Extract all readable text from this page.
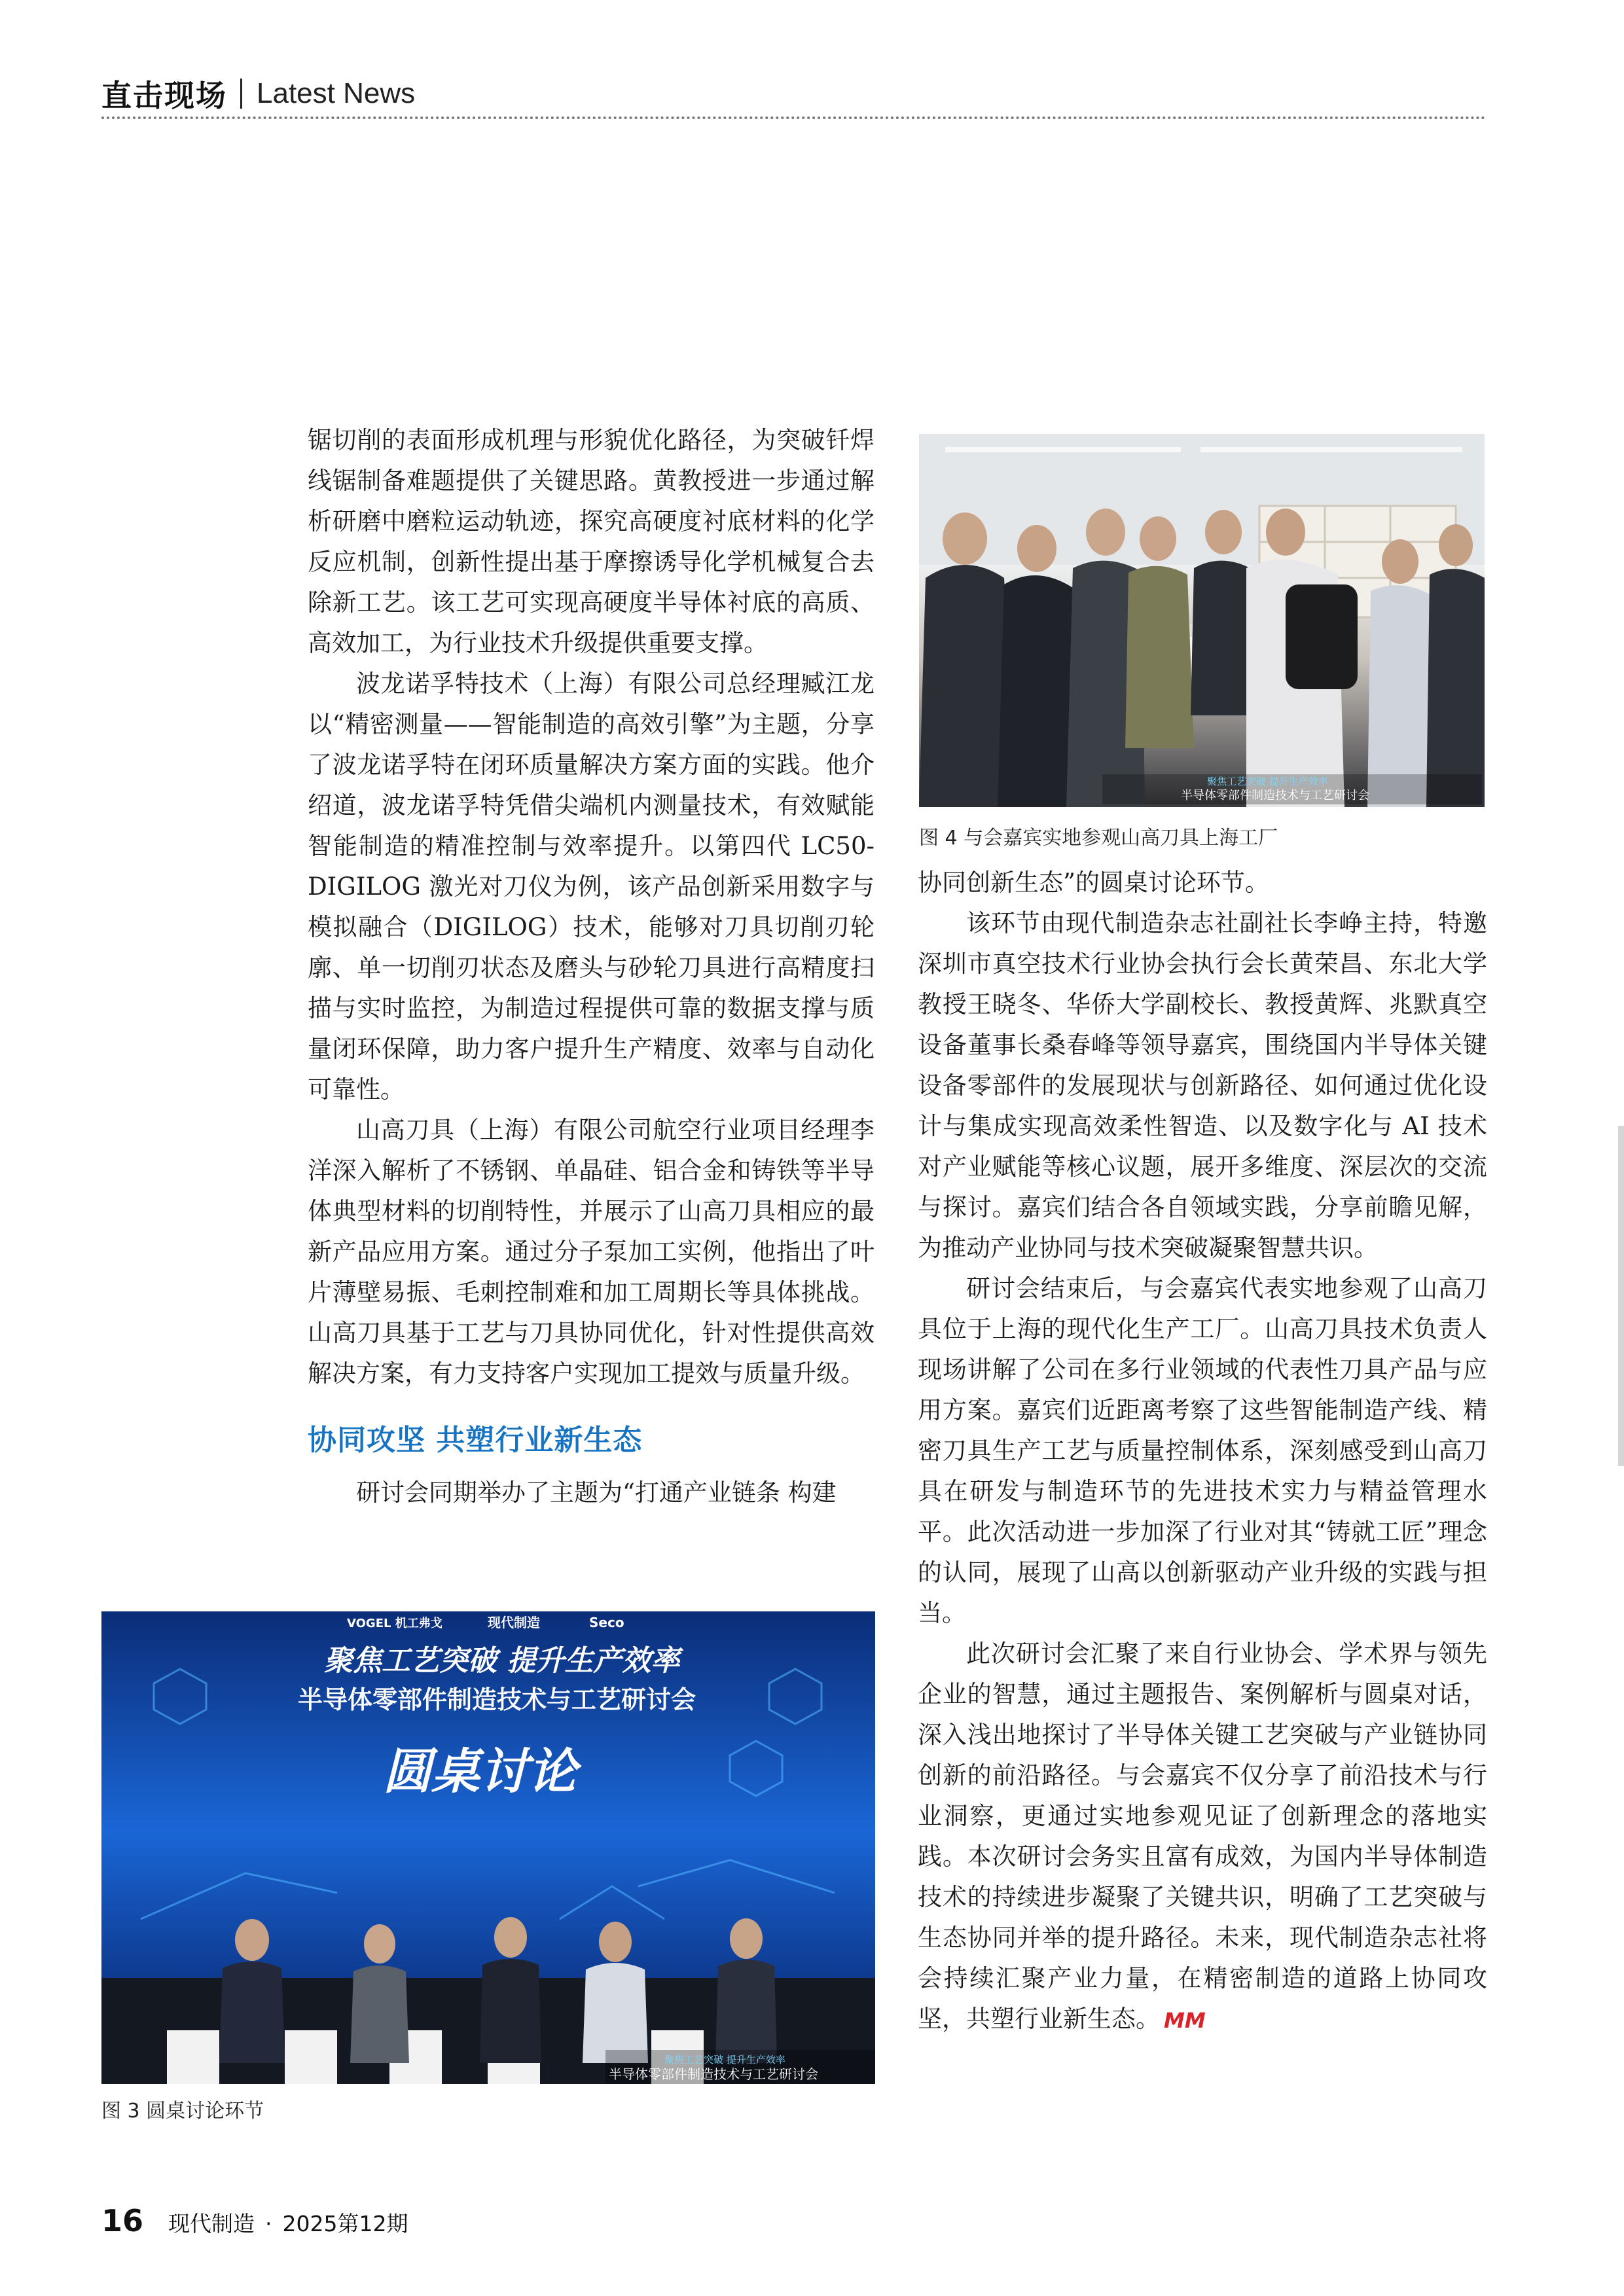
直击现场 Latest News
聚焦工艺突破 提升生产效率
半导体零部件制造技术与工艺研讨会
图 4 与会嘉宾实地参观山高刀具上海工厂

锯切削的表面形成机理与形貌优化路径，为突破钎焊线锯制备难题提供了关键思路。黄教授进一步通过解析研磨中磨粒运动轨迹，探究高硬度衬底材料的化学反应机制，创新性提出基于摩擦诱导化学机械复合去除新工艺。该工艺可实现高硬度半导体衬底的高质、高效加工，为行业技术升级提供重要支撑。

波龙诺孚特技术（上海）有限公司总经理臧江龙以“精密测量——智能制造的高效引擎”为主题，分享了波龙诺孚特在闭环质量解决方案方面的实践。他介绍道，波龙诺孚特凭借尖端机内测量技术，有效赋能智能制造的精准控制与效率提升。以第四代 LC50-DIGILOG 激光对刀仪为例，该产品创新采用数字与模拟融合（DIGILOG）技术，能够对刀具切削刃轮廓、单一切削刃状态及磨头与砂轮刀具进行高精度扫描与实时监控，为制造过程提供可靠的数据支撑与质量闭环保障，助力客户提升生产精度、效率与自动化可靠性。

山高刀具（上海）有限公司航空行业项目经理李洋深入解析了不锈钢、单晶硅、铝合金和铸铁等半导体典型材料的切削特性，并展示了山高刀具相应的最新产品应用方案。通过分子泵加工实例，他指出了叶片薄壁易振、毛刺控制难和加工周期长等具体挑战。山高刀具基于工艺与刀具协同优化，针对性提供高效解决方案，有力支持客户实现加工提效与质量升级。

协同攻坚 共塑行业新生态

研讨会同期举办了主题为“打通产业链条 构建

VOGEL 机工弗戈	现代制造	Seco
聚焦工艺突破 提升生产效率
半导体零部件制造技术与工艺研讨会
圆桌讨论
聚焦工艺突破 提升生产效率
半导体零部件制造技术与工艺研讨会
图 3 圆桌讨论环节

协同创新生态”的圆桌讨论环节。

该环节由现代制造杂志社副社长李峥主持，特邀深圳市真空技术行业协会执行会长黄荣昌、东北大学教授王晓冬、华侨大学副校长、教授黄辉、兆默真空设备董事长桑春峰等领导嘉宾，围绕国内半导体关键设备零部件的发展现状与创新路径、如何通过优化设计与集成实现高效柔性智造、以及数字化与 AI 技术对产业赋能等核心议题，展开多维度、深层次的交流与探讨。嘉宾们结合各自领域实践，分享前瞻见解，为推动产业协同与技术突破凝聚智慧共识。

研讨会结束后，与会嘉宾代表实地参观了山高刀具位于上海的现代化生产工厂。山高刀具技术负责人现场讲解了公司在多行业领域的代表性刀具产品与应用方案。嘉宾们近距离考察了这些智能制造产线、精密刀具生产工艺与质量控制体系，深刻感受到山高刀具在研发与制造环节的先进技术实力与精益管理水平。此次活动进一步加深了行业对其“铸就工匠”理念的认同，展现了山高以创新驱动产业升级的实践与担当。

此次研讨会汇聚了来自行业协会、学术界与领先企业的智慧，通过主题报告、案例解析与圆桌对话，深入浅出地探讨了半导体关键工艺突破与产业链协同创新的前沿路径。与会嘉宾不仅分享了前沿技术与行业洞察，更通过实地参观见证了创新理念的落地实践。本次研讨会务实且富有成效，为国内半导体制造技术的持续进步凝聚了关键共识，明确了工艺突破与生态协同并举的提升路径。未来，现代制造杂志社将会持续汇聚产业力量，在精密制造的道路上协同攻坚，共塑行业新生态。 MM

16 现代制造 · 2025第12期
